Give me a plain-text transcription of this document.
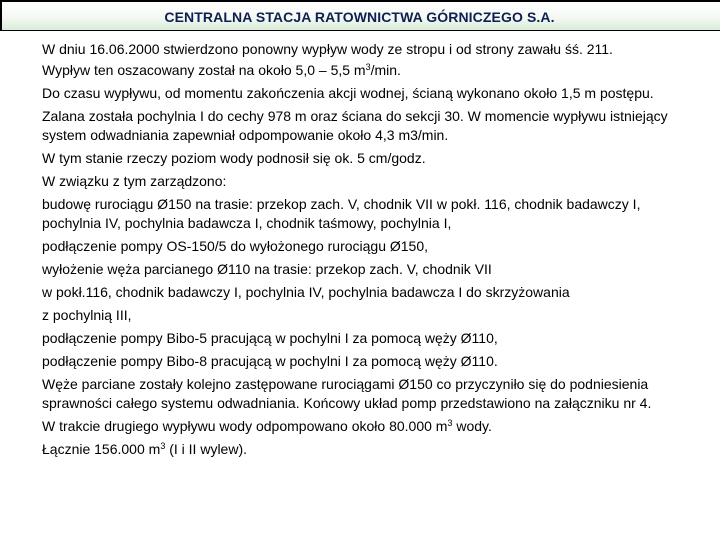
CENTRALNA STACJA RATOWNICTWA GÓRNICZEGO S.A.

W dniu 16.06.2000 stwierdzono ponowny wypływ wody ze stropu i od strony zawału śś. 211.

Wypływ ten oszacowany został na około 5,0 – 5,5 $m^3/\min$.

Do czasu wypływu, od momentu zakończenia akcji wodnej, ścianą wykonano około 1,5 m postępu.

Zalana została pochylnia I do cechy 978 m oraz ściana do sekcji 30. W momencie wypływu istniejący system odwadniania zapewniał odpompowanie około 4,3 m3/min.

W tym stanie rzeczy poziom wody podnosił się ok. 5 cm/godz.

W związku z tym zarządzono:

budowę rurociągu Ø150 na trasie: przekop zach. V, chodnik VII w pokł. 116, chodnik badawczy I, pochylnia IV, pochylnia badawcza I, chodnik taśmowy, pochylnia I,

podłączenie pompy OS-150/5 do wyłożonego rurociągu Ø150,

wyłożenie węża parcianego Ø110 na trasie: przekop zach. V, chodnik VII

w pokł.116, chodnik badawczy I, pochylnia IV, pochylnia badawcza I do skrzyżowania

z pochylnią III,

podłączenie pompy Bibo-5 pracującą w pochylni I za pomocą węży Ø110,

podłączenie pompy Bibo-8 pracującą w pochylni I za pomocą węży Ø110.

Węże parciane zostały kolejno zastępowane rurociągami Ø150 co przyczyniło się do podniesienia sprawności całego systemu odwadniania. Końcowy układ pomp przedstawiono na załączniku nr 4.

W trakcie drugiego wypływu wody odpompowano około 80.000 $m^3$ wody.

Łącznie 156.000 $m^3$ (I i II wylew).
